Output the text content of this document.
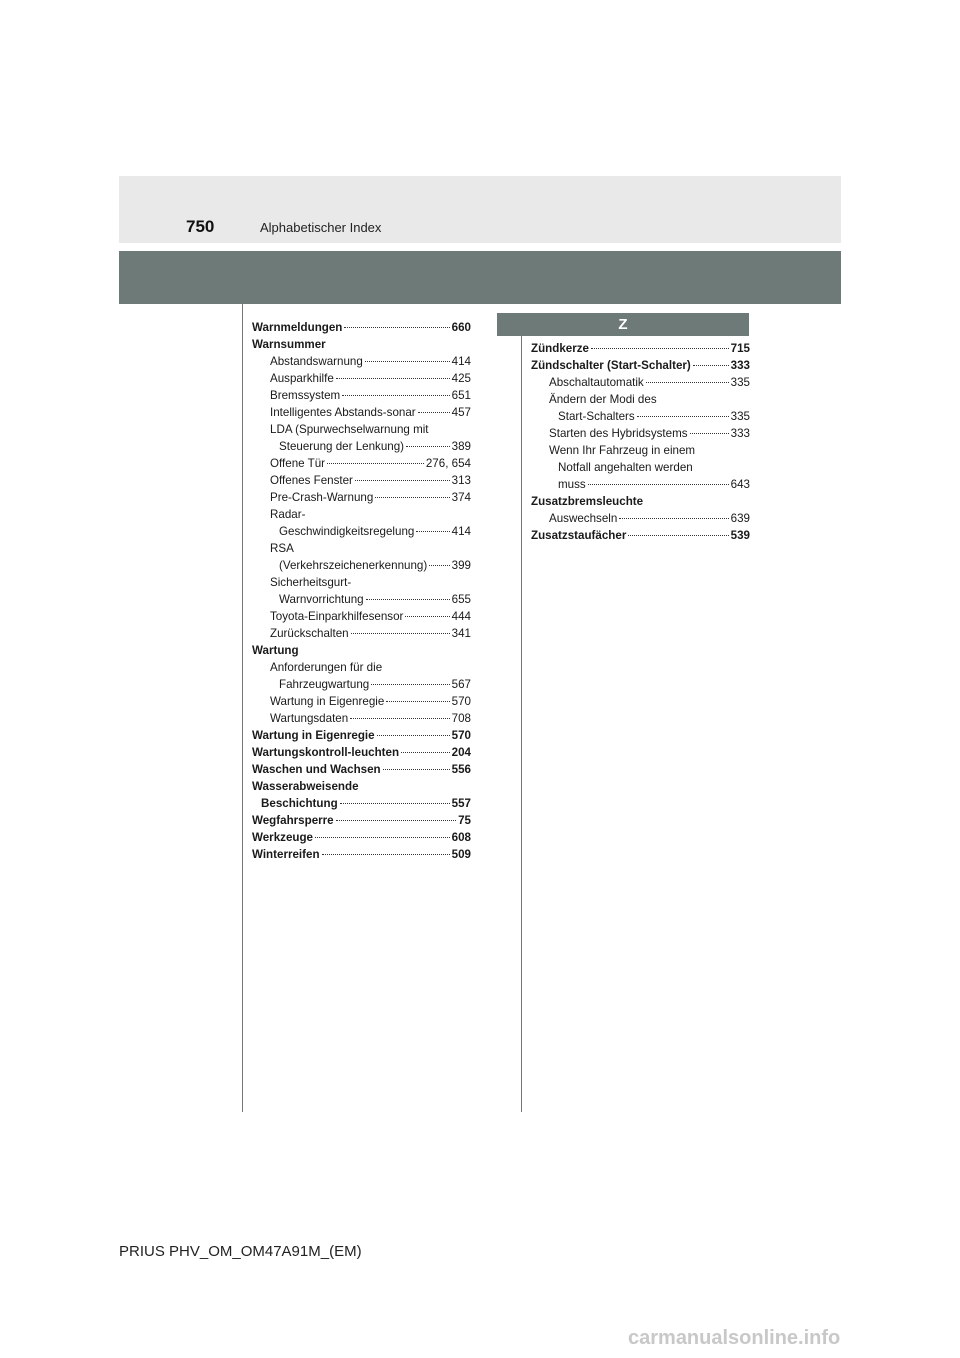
750	Alphabetischer Index
Warnmeldungen	660
Warnsummer
Abstandswarnung	414
Ausparkhilfe	425
Bremssystem	651
Intelligentes Abstands-sonar	457
LDA (Spurwechselwarnung mit
Steuerung der Lenkung)	389
Offene Tür	276, 654
Offenes Fenster	313
Pre-Crash-Warnung	374
Radar-
Geschwindigkeitsregelung	414
RSA
(Verkehrszeichenerkennung) 399
Sicherheitsgurt-
Warnvorrichtung	655
Toyota-Einparkhilfesensor	444
Zurückschalten	341
Wartung
Anforderungen für die
Fahrzeugwartung	567
Wartung in Eigenregie	570
Wartungsdaten	708
Wartung in Eigenregie	570
Wartungskontroll-leuchten	204
Waschen und Wachsen	556
Wasserabweisende
Beschichtung	557
Wegfahrsperre	75
Werkzeuge	608
Winterreifen	509
Z
Zündkerze	715
Zündschalter (Start-Schalter)	333
Abschaltautomatik	335
Ändern der Modi des
Start-Schalters	335
Starten des Hybridsystems	333
Wenn Ihr Fahrzeug in einem
Notfall angehalten werden
muss	643
Zusatzbremsleuchte
Auswechseln	639
Zusatzstaufächer	539
PRIUS PHV_OM_OM47A91M_(EM)
carmanualsonline.info
